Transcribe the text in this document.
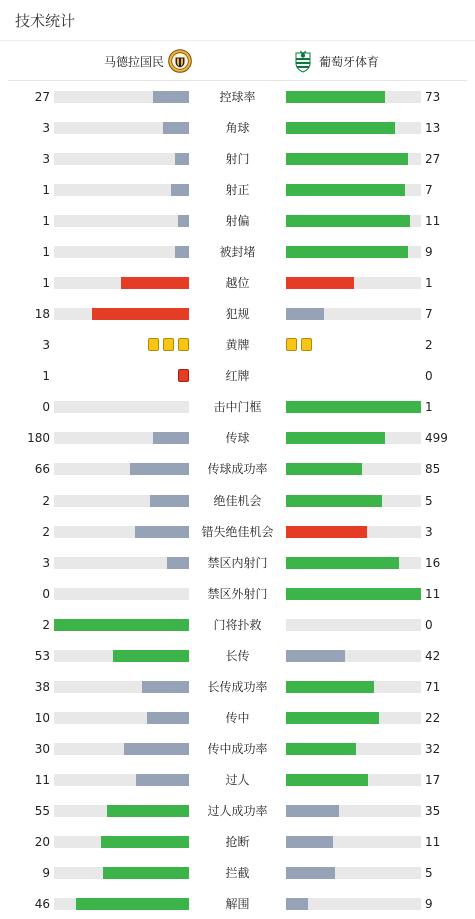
技术统计
马德拉国民	葡萄牙体育
27	控球率	73
3	角球	13
3	射门	27
1	射正	7
1	射偏	11
1	被封堵	9
1	越位	1
18	犯规	7
3	黄牌	2
1	红牌	0
0	击中门框	1
180	传球	499
66	传球成功率	85
2	绝佳机会	5
2	错失绝佳机会	3
3	禁区内射门	16
0	禁区外射门	11
2	门将扑救	0
53	长传	42
38	长传成功率	71
10	传中	22
30	传中成功率	32
11	过人	17
55	过人成功率	35
20	抢断	11
9	拦截	5
46	解围	9
